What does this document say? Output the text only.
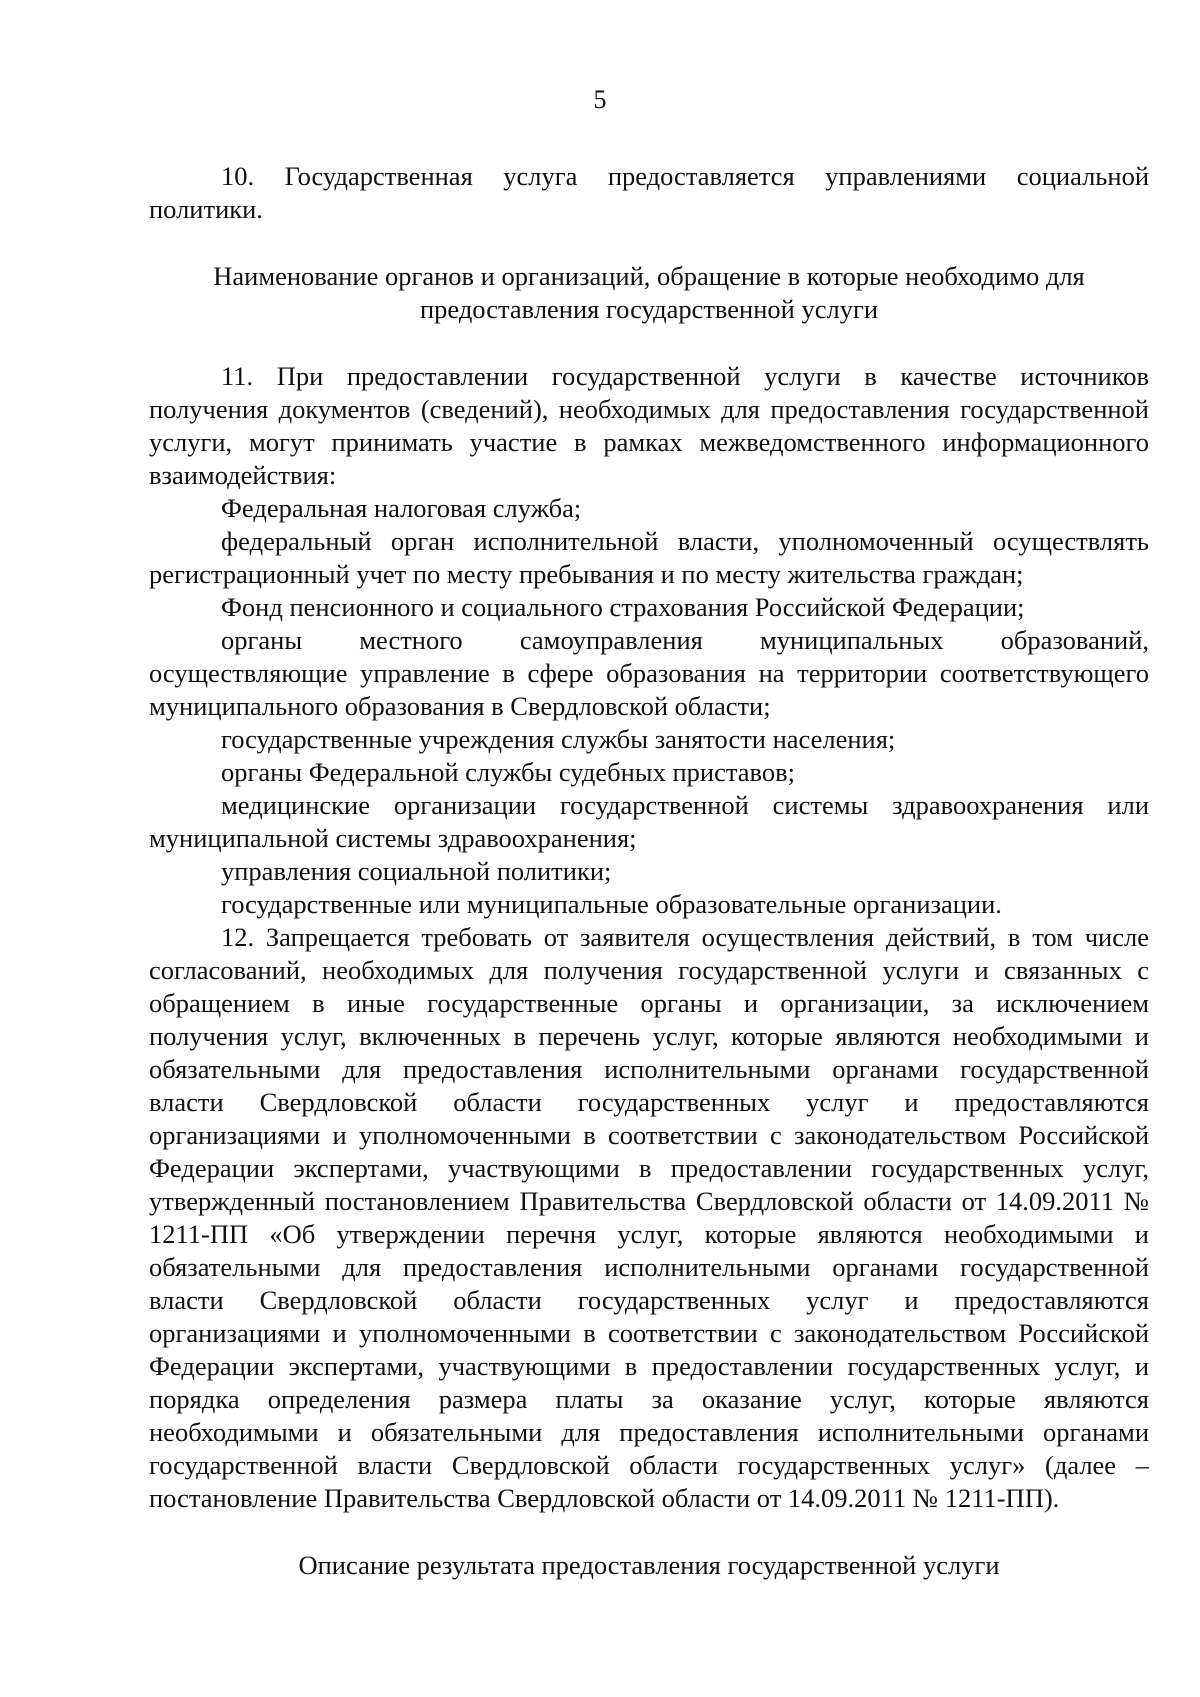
5

10. Государственная услуга предоставляется управлениями социальной политики.

Наименование органов и организаций, обращение в которые необходимо для предоставления государственной услуги

11. При предоставлении государственной услуги в качестве источников получения документов (сведений), необходимых для предоставления государственной услуги, могут принимать участие в рамках межведомственного информационного взаимодействия:

Федеральная налоговая служба;

федеральный орган исполнительной власти, уполномоченный осуществлять регистрационный учет по месту пребывания и по месту жительства граждан;

Фонд пенсионного и социального страхования Российской Федерации;

органы местного самоуправления муниципальных образований, осуществляющие управление в сфере образования на территории соответствующего муниципального образования в Свердловской области;

государственные учреждения службы занятости населения;

органы Федеральной службы судебных приставов;

медицинские организации государственной системы здравоохранения или муниципальной системы здравоохранения;

управления социальной политики;

государственные или муниципальные образовательные организации.

12. Запрещается требовать от заявителя осуществления действий, в том числе согласований, необходимых для получения государственной услуги и связанных с обращением в иные государственные органы и организации, за исключением получения услуг, включенных в перечень услуг, которые являются необходимыми и обязательными для предоставления исполнительными органами государственной власти Свердловской области государственных услуг и предоставляются организациями и уполномоченными в соответствии с законодательством Российской Федерации экспертами, участвующими в предоставлении государственных услуг, утвержденный постановлением Правительства Свердловской области от 14.09.2011 № 1211-ПП «Об утверждении перечня услуг, которые являются необходимыми и обязательными для предоставления исполнительными органами государственной власти Свердловской области государственных услуг и предоставляются организациями и уполномоченными в соответствии с законодательством Российской Федерации экспертами, участвующими в предоставлении государственных услуг, и порядка определения размера платы за оказание услуг, которые являются необходимыми и обязательными для предоставления исполнительными органами государственной власти Свердловской области государственных услуг» (далее – постановление Правительства Свердловской области от 14.09.2011 № 1211-ПП).

Описание результата предоставления государственной услуги
